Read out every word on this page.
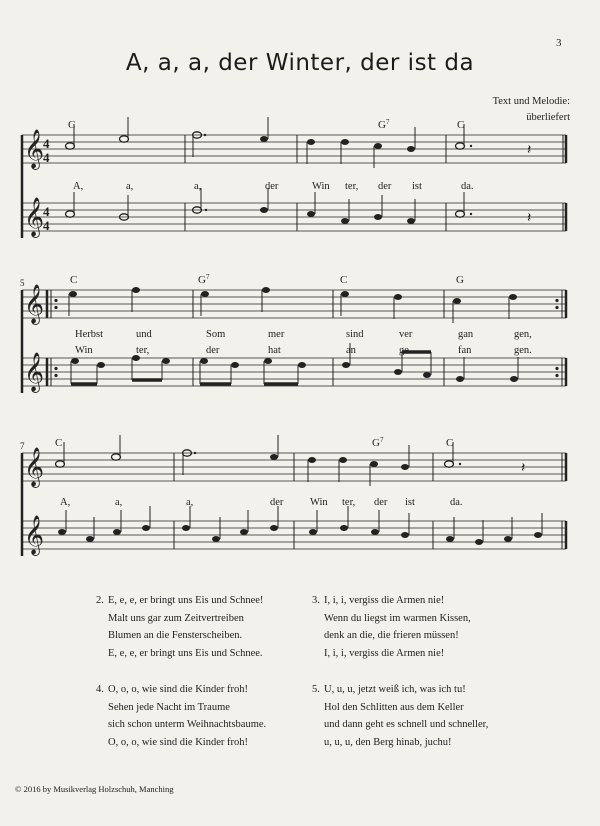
3
A, a, a, der Winter, der ist da
Text und Melodie:
überliefert
𝄞
𝄞
4
4
4
4
𝄽
𝄽
𝄞
𝄞
𝄞
𝄞
𝄽
C	$G^7$	C
A,	a,	a,	der	Win ter, der ist	da.
5	C	$G^7$	C	G
Herbst	und	Som	mer	sind	ver	gan	gen,
Win	ter,	der	hat	an	ge	fan	gen.
7	C	$G^7$	C
A,	a,	a,	der	Win ter, der ist	da.
2. E, e, e, er bringt uns Eis und Schnee!
Malt uns gar zum Zeitvertreiben
Blumen an die Fensterscheiben.
E, e, e, er bringt uns Eis und Schnee.
3. I, i, i, vergiss die Armen nie!
Wenn du liegst im warmen Kissen,
denk an die, die frieren müssen!
I, i, i, vergiss die Armen nie!
4. O, o, o, wie sind die Kinder froh!
Sehen jede Nacht im Traume
sich schon unterm Weihnachtsbaume.
O, o, o, wie sind die Kinder froh!
5. U, u, u, jetzt weiß ich, was ich tu!
Hol den Schlitten aus dem Keller
und dann geht es schnell und schneller,
u, u, u, den Berg hinab, juchu!
© 2016 by Musikverlag Holzschuh, Manching
